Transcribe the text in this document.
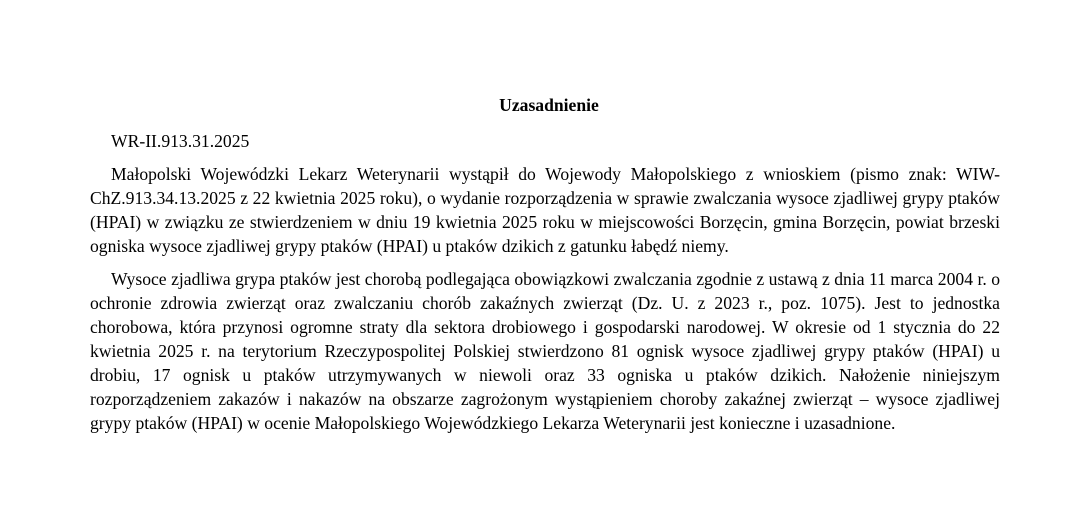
Uzasadnienie
WR-II.913.31.2025

Małopolski Wojewódzki Lekarz Weterynarii wystąpił do Wojewody Małopolskiego z wnioskiem (pismo znak: WIW-ChZ.913.34.13.2025 z 22 kwietnia 2025 roku), o wydanie rozporządzenia w sprawie zwalczania wysoce zjadliwej grypy ptaków (HPAI) w związku ze stwierdzeniem w dniu 19 kwietnia 2025 roku w miejscowości Borzęcin, gmina Borzęcin, powiat brzeski ogniska wysoce zjadliwej grypy ptaków (HPAI) u ptaków dzikich z gatunku łabędź niemy.

Wysoce zjadliwa grypa ptaków jest chorobą podlegająca obowiązkowi zwalczania zgodnie z ustawą z dnia 11 marca 2004 r. o ochronie zdrowia zwierząt oraz zwalczaniu chorób zakaźnych zwierząt (Dz. U. z 2023 r., poz. 1075). Jest to jednostka chorobowa, która przynosi ogromne straty dla sektora drobiowego i gospodarski narodowej. W okresie od 1 stycznia do 22 kwietnia 2025 r. na terytorium Rzeczypospolitej Polskiej stwierdzono 81 ognisk wysoce zjadliwej grypy ptaków (HPAI) u drobiu, 17 ognisk u ptaków utrzymywanych w niewoli oraz 33 ogniska u ptaków dzikich. Nałożenie niniejszym rozporządzeniem zakazów i nakazów na obszarze zagrożonym wystąpieniem choroby zakaźnej zwierząt – wysoce zjadliwej grypy ptaków (HPAI) w ocenie Małopolskiego Wojewódzkiego Lekarza Weterynarii jest konieczne i uzasadnione.
